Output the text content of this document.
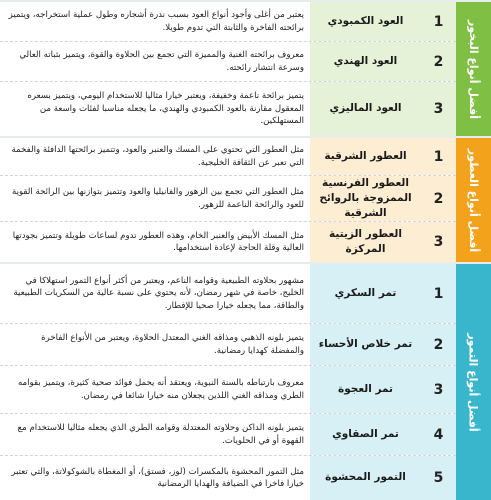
أفضل أنواع البخور
يعتبر من أغلى وأجود أنواع العود بسبب ندرة أشجاره وطول عملية استخراجه، ويتميز برائحته الفاخرة والثابتة التي تدوم طويلا.
العود الكمبودي	1
معروف برائحته الغنية والمميزة التي تجمع بين الحلاوة والقوة، ويتميز بثباته العالي وسرعة انتشار رائحته.
العود الهندي	2
يتميز برائحة ناعمة وخفيفة، ويعتبر خيارا مثاليا للاستخدام اليومي، ويتميز بسعره المعقول مقارنة بالعود الكمبودي والهندي، ما يجعله مناسبا لفئات واسعة من المستهلكين.
العود الماليزي	3
أفضل أنواع العطور
مثل العطور التي تحتوي على المسك والعنبر والعود، وتتميز برائحتها الدافئة والفخمة التي تعبر عن الثقافة الخليجية.
العطور الشرقية	1
مثل العطور التي تجمع بين الزهور والفانيليا والعود وتتميز بتوازنها بين الرائحة القوية للعود والرائحة الناعمة للزهور.
العطور الفرنسية الممزوجة بالروائح الشرقية
2
مثل المسك الأبيض والعنبر الخام، وهذه العطور تدوم لساعات طويلة وتتميز بجودتها العالية وقلة الحاجة لإعادة استخدامها.
العطور الزيتية المركزة	3
أفضل أنواع التمور
مشهور بحلاوته الطبيعية وقوامه الناعم، ويعتبر من أكثر أنواع التمور استهلاكا في الخليج، خاصة في شهر رمضان، لأنه يحتوي على نسبة عالية من السكريات الطبيعية والطاقة، مما يجعله خيارا صحيا للإفطار.
تمر السكري	1
يتميز بلونه الذهبي ومذاقه الغني المعتدل الحلاوة، ويعتبر من الأنواع الفاخرة والمفضلة كهدايا رمضانية.
تمر خلاص الأحساء	2
معروف بارتباطه بالسنة النبوية، ويعتقد أنه يحمل فوائد صحية كثيرة، ويتميز بقوامه الطري ومذاقه الغني اللذين يجعلان منه خيارا شائعا في رمضان.
تمر العجوة	3
يتميز بلونه الداكن وحلاوته المعتدلة وقوامه الطري الذي يجعله مثاليا للاستخدام مع القهوة أو في الحلويات.
تمر الصقاوي	4
مثل التمور المحشوة بالمكسرات (لوز، فستق)، أو المغطاة بالشوكولاتة، والتي تعتبر خيارا فاخرا في الضيافة والهدايا الرمضانية
التمور المحشوة	5
